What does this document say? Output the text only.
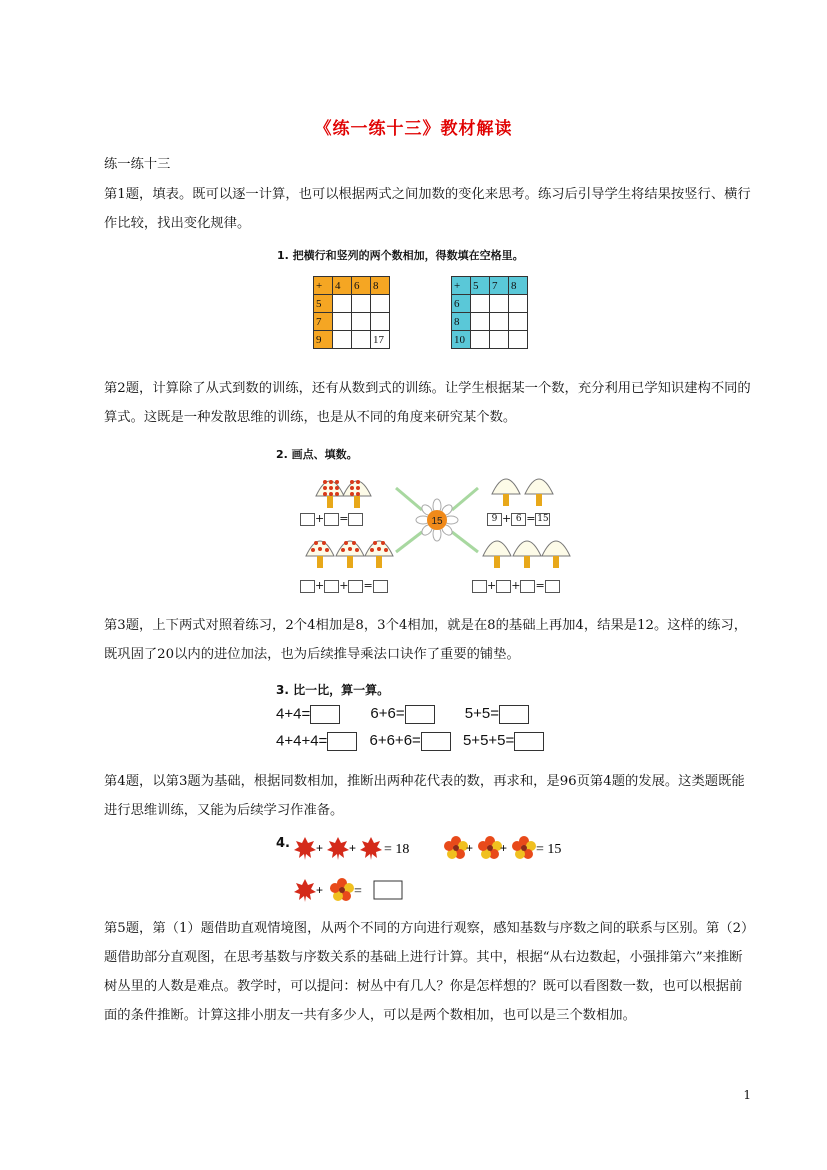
《练一练十三》教材解读
练一练十三

第1题，填表。既可以逐一计算，也可以根据两式之间加数的变化来思考。练习后引导学生将结果按竖行、横行作比较，找出变化规律。

1. 把横行和竖列的两个数相加，得数填在空格里。
+	4	6	8
5			
7			
9			17
+	5	7	8
6			
8			
10			

第2题，计算除了从式到数的训练，还有从数到式的训练。让学生根据某一个数，充分利用已学知识建构不同的算式。这既是一种发散思维的训练，也是从不同的角度来研究某个数。

2. 画点、填数。
15
+ =	9 + 6 = 15
+ + =	+ + =

第3题，上下两式对照着练习，2个4相加是8，3个4相加，就是在8的基础上再加4，结果是12。这样的练习，既巩固了20以内的进位加法，也为后续推导乘法口诀作了重要的铺垫。

3. 比一比，算一算。
4+4=	6+6=	5+5=
4+4+4=	6+6+6=	5+5+5=

第4题，以第3题为基础，根据同数相加，推断出两种花代表的数，再求和，是96页第4题的发展。这类题既能进行思维训练，又能为后续学习作准备。

4. + + = 18	+ + = 15
+ =

第5题，第（1）题借助直观情境图，从两个不同的方向进行观察，感知基数与序数之间的联系与区别。第（2）题借助部分直观图，在思考基数与序数关系的基础上进行计算。其中，根据“从右边数起，小强排第六”来推断树丛里的人数是难点。教学时，可以提问：树丛中有几人？你是怎样想的？既可以看图数一数，也可以根据前面的条件推断。计算这排小朋友一共有多少人，可以是两个数相加，也可以是三个数相加。

1
